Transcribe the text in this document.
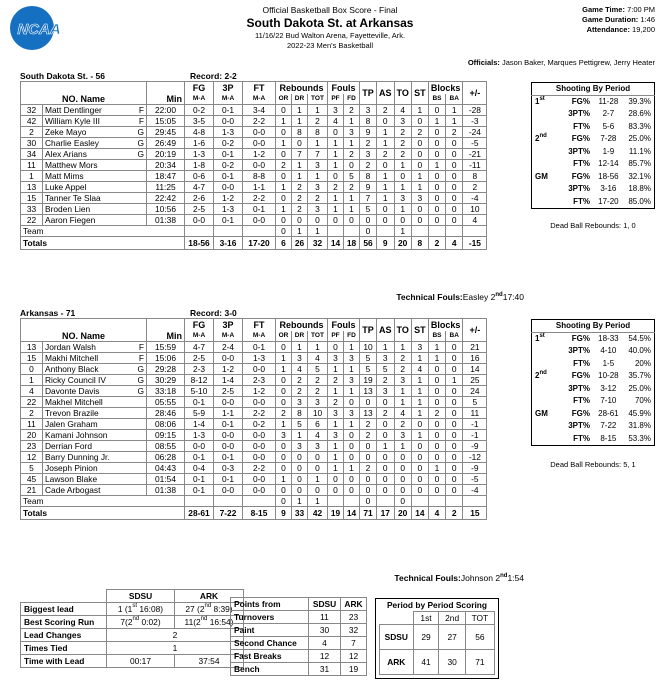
NCAA
Official Basketball Box Score - Final
South Dakota St. at Arkansas
11/16/22 Bud Walton Arena, Fayetteville, Ark.
2022-23 Men's Basketball
Game Time: 7:00 PM
Game Duration: 1:46
Attendance: 19,200
Officials: Jason Baker, Marques Pettigrew, Jerry Heater
South Dakota St. - 56	Record: 2-2
NO. Name		Min	FG	3P	FT	Rebounds			Fouls		TP	AS	TO	ST	Blocks		+/-
			M-A	M-A	M-A	OR	DR	TOT	PF	FD					BS	BA	
32	Matt Dentlinger F	22:00	0-2	0-1	3-4	0	1	1	3	2	3	2	4	1	0	1	-28
42	William Kyle III F	15:05	3-5	0-0	2-2	1	1	2	4	1	8	0	3	0	1	1	-3
2	Zeke Mayo G	29:45	4-8	1-3	0-0	0	8	8	0	3	9	1	2	2	0	2	-24
30	Charlie Easley G	26:49	1-6	0-2	0-0	1	0	1	1	1	2	1	2	0	0	0	-5
34	Alex Arians G	20:19	1-3	0-1	1-2	0	7	7	1	2	3	2	2	0	0	0	-21
11	Matthew Mors	20:34	1-8	0-2	0-0	2	1	3	1	0	2	0	1	0	1	0	-11
1	Matt Mims	18:47	0-6	0-1	8-8	0	1	1	0	5	8	1	0	1	0	0	8
13	Luke Appel	11:25	4-7	0-0	1-1	1	2	3	2	2	9	1	1	1	0	0	2
15	Tanner Te Slaa	22:42	2-6	1-2	2-2	0	2	2	1	1	7	1	3	3	0	0	-4
33	Broden Lien	10:56	2-5	1-3	0-1	1	2	3	1	1	5	0	1	0	0	0	10
22	Aaron Fiegen	01:38	0-0	0-1	0-0	0	0	0	0	0	0	0	0	0	0	0	4
Team						0	1	1			0		1				
Totals			18-56	3-16	17-20	6	26	32	14	18	56	9	20	8	2	4	-15
Shooting By Period			
1st	FG%	11-28	39.3%
	3PT%	2-7	28.6%
	FT%	5-6	83.3%
2nd	FG%	7-28	25.0%
	3PT%	1-9	11.1%
	FT%	12-14	85.7%
GM	FG%	18-56	32.1%
	3PT%	3-16	18.8%
	FT%	17-20	85.0%
Dead Ball Rebounds: 1, 0
Technical Fouls:Easley 2nd17:40
Arkansas - 71	Record: 3-0
NO. Name		Min	FG	3P	FT	Rebounds			Fouls		TP	AS	TO	ST	Blocks		+/-
			M-A	M-A	M-A	OR	DR	TOT	PF	FD					BS	BA	
13	Jordan Walsh F	15:59	4-7	2-4	0-1	0	1	1	0	1	10	1	1	3	1	0	21
15	Makhi Mitchell F	15:06	2-5	0-0	1-3	1	3	4	3	3	5	3	2	1	1	0	16
0	Anthony Black G	29:28	2-3	1-2	0-0	1	4	5	1	1	5	5	2	4	0	0	14
1	Ricky Council IV G	30:29	8-12	1-4	2-3	0	2	2	2	3	19	2	3	1	0	1	25
4	Davonte Davis G	33:18	5-10	2-5	1-2	0	2	2	1	1	13	3	1	1	0	0	24
22	Makhel Mitchell	05:55	0-1	0-0	0-0	0	3	3	2	0	0	0	1	1	0	0	5
2	Trevon Brazile	28:46	5-9	1-1	2-2	2	8	10	3	3	13	2	4	1	2	0	11
11	Jalen Graham	08:06	1-4	0-1	0-2	1	5	6	1	1	2	0	2	0	0	0	-1
20	Kamani Johnson	09:15	1-3	0-0	0-0	3	1	4	3	0	2	0	3	1	0	0	-1
23	Derrian Ford	08:55	0-0	0-0	0-0	0	3	3	1	0	0	1	1	0	0	0	-9
12	Barry Dunning Jr.	06:28	0-1	0-1	0-0	0	0	0	1	0	0	0	0	0	0	0	-12
5	Joseph Pinion	04:43	0-4	0-3	2-2	0	0	0	1	1	2	0	0	0	1	0	-9
45	Lawson Blake	01:54	0-1	0-1	0-0	1	0	1	0	0	0	0	0	0	0	0	-5
21	Cade Arbogast	01:38	0-1	0-0	0-0	0	0	0	0	0	0	0	0	0	0	0	-4
Team						0	1	1			0		0				
Totals			28-61	7-22	8-15	9	33	42	19	14	71	17	20	14	4	2	15
Shooting By Period			
1st	FG%	18-33	54.5%
	3PT%	4-10	40.0%
	FT%	1-5	20%
2nd	FG%	10-28	35.7%
	3PT%	3-12	25.0%
	FT%	7-10	70%
GM	FG%	28-61	45.9%
	3PT%	7-22	31.8%
	FT%	8-15	53.3%
Dead Ball Rebounds: 5, 1
Technical Fouls:Johnson 2nd1:54
	SDSU	ARK
Biggest lead	1 (1st 16:08)	27 (2nd 8:39)
Best Scoring Run	7(2nd 0:02)	11(2nd 16:54)
Lead Changes	2	
Times Tied	1	
Time with Lead	00:17	37:54
Points from	SDSU	ARK
Turnovers	11	23
Paint	30	32
Second Chance	4	7
Fast Breaks	12	12
Bench	31	19
Period by Period Scoring
	1st	2nd	TOT
SDSU	29	27	56
ARK	41	30	71
